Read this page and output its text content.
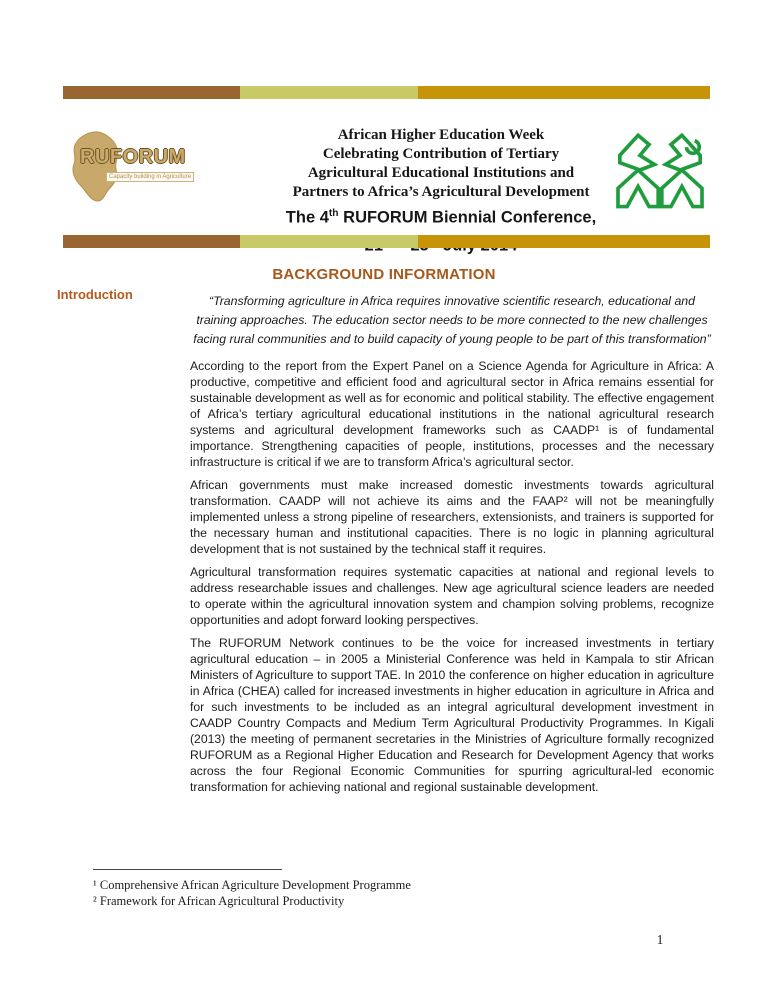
RUFORUM
Capacity building in Agriculture
African Higher Education Week
Celebrating Contribution of Tertiary
Agricultural Educational Institutions and
Partners to Africa’s Agricultural Development
The 4th RUFORUM Biennial Conference,
BACKGROUND INFORMATION
Introduction	“Transforming agriculture in Africa requires innovative scientific research, educational and training approaches. The education sector needs to be more connected to the new challenges facing rural communities and to build capacity of young people to be part of this transformation”

According to the report from the Expert Panel on a Science Agenda for Agriculture in Africa: A productive, competitive and efficient food and agricultural sector in Africa remains essential for sustainable development as well as for economic and political stability. The effective engagement of Africa’s tertiary agricultural educational institutions in the national agricultural research systems and agricultural development frameworks such as CAADP¹ is of fundamental importance. Strengthening capacities of people, institutions, processes and the necessary infrastructure is critical if we are to transform Africa’s agricultural sector.

African governments must make increased domestic investments towards agricultural transformation. CAADP will not achieve its aims and the FAAP² will not be meaningfully implemented unless a strong pipeline of researchers, extensionists, and trainers is supported for the necessary human and institutional capacities. There is no logic in planning agricultural development that is not sustained by the technical staff it requires.

Agricultural transformation requires systematic capacities at national and regional levels to address researchable issues and challenges. New age agricultural science leaders are needed to operate within the agricultural innovation system and champion solving problems, recognize opportunities and adopt forward looking perspectives.

The RUFORUM Network continues to be the voice for increased investments in tertiary agricultural education – in 2005 a Ministerial Conference was held in Kampala to stir African Ministers of Agriculture to support TAE. In 2010 the conference on higher education in agriculture in Africa (CHEA) called for increased investments in higher education in agriculture in Africa and for such investments to be included as an integral agricultural development investment in CAADP Country Compacts and Medium Term Agricultural Productivity Programmes. In Kigali (2013) the meeting of permanent secretaries in the Ministries of Agriculture formally recognized RUFORUM as a Regional Higher Education and Research for Development Agency that works across the four Regional Economic Communities for spurring agricultural-led economic transformation for achieving national and regional sustainable development.

¹ Comprehensive African Agriculture Development Programme
² Framework for African Agricultural Productivity
1
